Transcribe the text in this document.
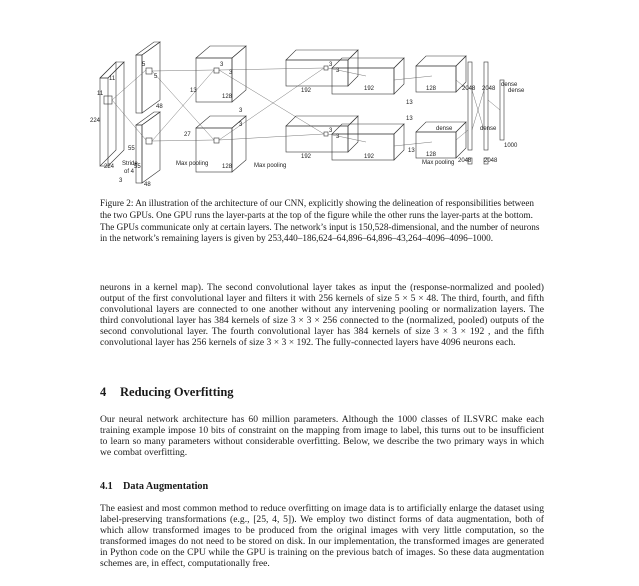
224
224
3
Stride
of 4
11
11
5
5
55
55
27
48
48
128
128
13
3
3
3
3
3
3
3
3
192
192	192
192
13
13
128
128
13
2048 2048
2048 2048
dense
dense	dense
dense
1000
Max pooling	Max pooling	Max pooling

Figure 2: An illustration of the architecture of our CNN, explicitly showing the delineation of responsibilities between the two GPUs. One GPU runs the layer-parts at the top of the figure while the other runs the layer-parts at the bottom. The GPUs communicate only at certain layers. The network’s input is 150,528-dimensional, and the number of neurons in the network’s remaining layers is given by 253,440–186,624–64,896–64,896–43,264–4096–4096–1000.

neurons in a kernel map). The second convolutional layer takes as input the (response-normalized and pooled) output of the first convolutional layer and filters it with 256 kernels of size 5 × 5 × 48. The third, fourth, and fifth convolutional layers are connected to one another without any intervening pooling or normalization layers. The third convolutional layer has 384 kernels of size 3 × 3 × 256 connected to the (normalized, pooled) outputs of the second convolutional layer. The fourth convolutional layer has 384 kernels of size 3 × 3 × 192 , and the fifth convolutional layer has 256 kernels of size 3 × 3 × 192. The fully-connected layers have 4096 neurons each.

4 Reducing Overfitting

Our neural network architecture has 60 million parameters. Although the 1000 classes of ILSVRC make each training example impose 10 bits of constraint on the mapping from image to label, this turns out to be insufficient to learn so many parameters without considerable overfitting. Below, we describe the two primary ways in which we combat overfitting.

4.1 Data Augmentation

The easiest and most common method to reduce overfitting on image data is to artificially enlarge the dataset using label-preserving transformations (e.g., [25, 4, 5]). We employ two distinct forms of data augmentation, both of which allow transformed images to be produced from the original images with very little computation, so the transformed images do not need to be stored on disk. In our implementation, the transformed images are generated in Python code on the CPU while the GPU is training on the previous batch of images. So these data augmentation schemes are, in effect, computationally free.
